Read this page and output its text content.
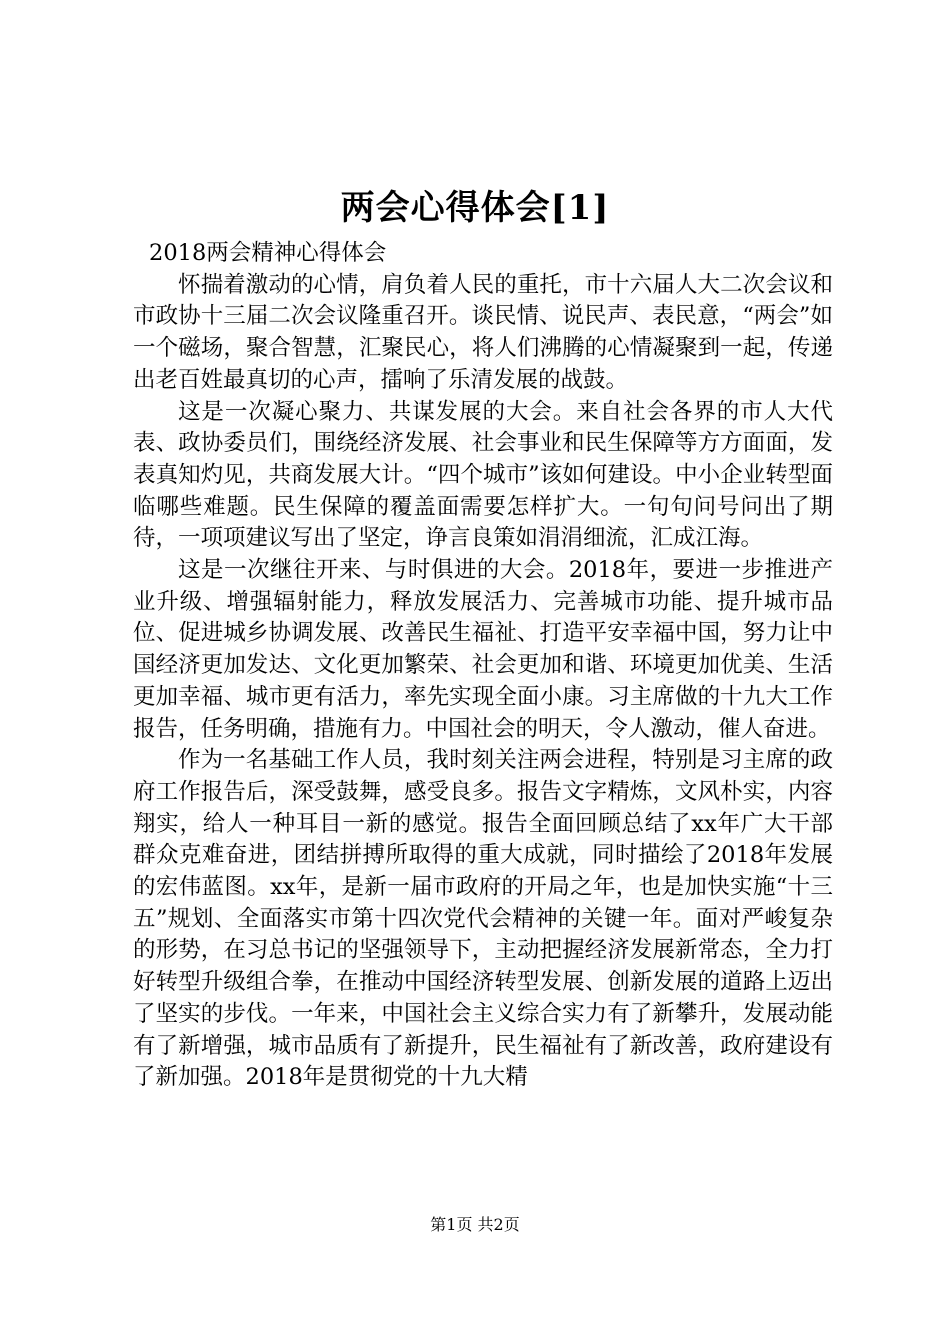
两会心得体会[1]

2018两会精神心得体会

怀揣着激动的心情，肩负着人民的重托，市十六届人大二次会议和市政协十三届二次会议隆重召开。谈民情、说民声、表民意，“两会”如一个磁场，聚合智慧，汇聚民心，将人们沸腾的心情凝聚到一起，传递出老百姓最真切的心声，擂响了乐清发展的战鼓。

这是一次凝心聚力、共谋发展的大会。来自社会各界的市人大代表、政协委员们，围绕经济发展、社会事业和民生保障等方方面面，发表真知灼见，共商发展大计。“四个城市”该如何建设。中小企业转型面临哪些难题。民生保障的覆盖面需要怎样扩大。一句句问号问出了期待，一项项建议写出了坚定，诤言良策如涓涓细流，汇成江海。

这是一次继往开来、与时俱进的大会。2018年，要进一步推进产业升级、增强辐射能力，释放发展活力、完善城市功能、提升城市品位、促进城乡协调发展、改善民生福祉、打造平安幸福中国，努力让中国经济更加发达、文化更加繁荣、社会更加和谐、环境更加优美、生活更加幸福、城市更有活力，率先实现全面小康。习主席做的十九大工作报告，任务明确，措施有力。中国社会的明天，令人激动，催人奋进。

作为一名基础工作人员，我时刻关注两会进程，特别是习主席的政府工作报告后，深受鼓舞，感受良多。报告文字精炼，文风朴实，内容翔实，给人一种耳目一新的感觉。报告全面回顾总结了xx年广大干部群众克难奋进，团结拼搏所取得的重大成就，同时描绘了2018年发展的宏伟蓝图。xx年，是新一届市政府的开局之年，也是加快实施“十三五”规划、全面落实市第十四次党代会精神的关键一年。面对严峻复杂的形势，在习总书记的坚强领导下，主动把握经济发展新常态，全力打好转型升级组合拳，在推动中国经济转型发展、创新发展的道路上迈出了坚实的步伐。一年来，中国社会主义综合实力有了新攀升，发展动能有了新增强，城市品质有了新提升，民生福祉有了新改善，政府建设有了新加强。2018年是贯彻党的十九大精

第1页 共2页
